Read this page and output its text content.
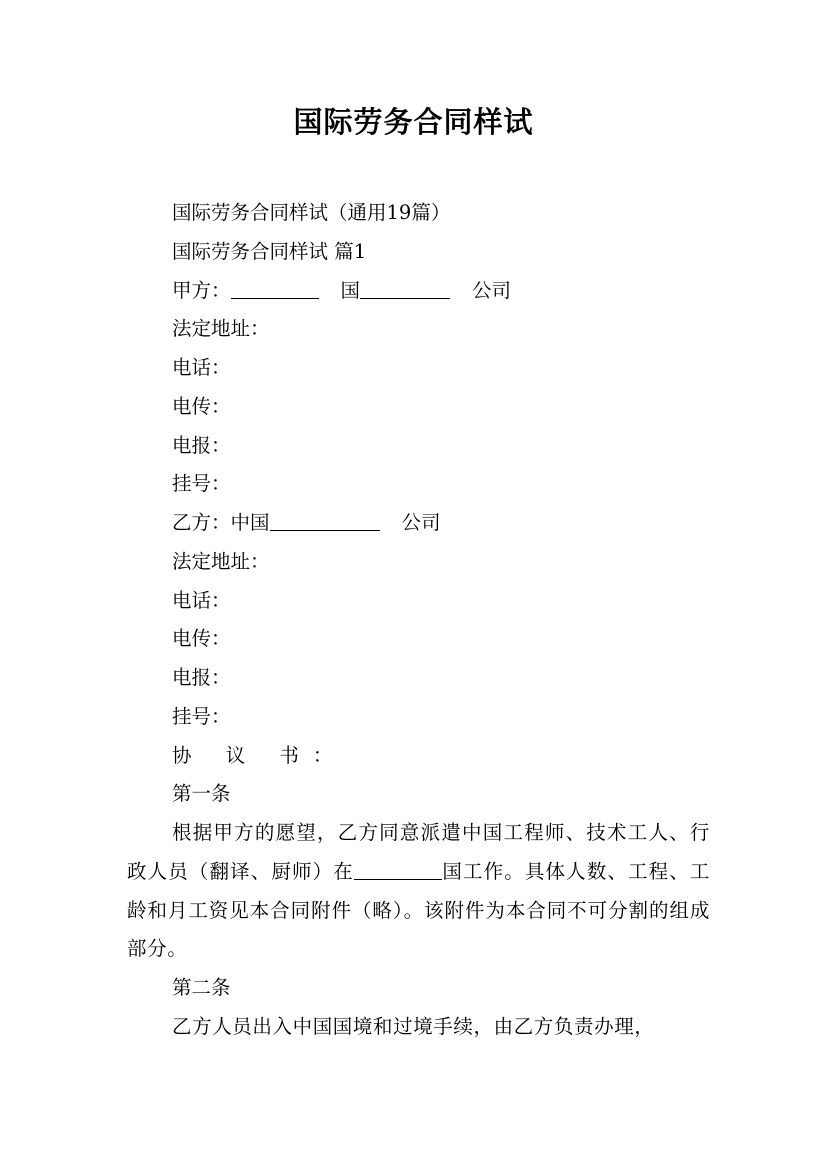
国际劳务合同样试
国际劳务合同样试（通用19篇）
国际劳务合同样试 篇1
甲方：	国	公司
法定地址：
电话：
电传：
电报：
挂号：
乙方：中国	公司
法定地址：
电话：
电传：
电报：
挂号：
协 议 书：
第一条
根据甲方的愿望，乙方同意派遣中国工程师、技术工人、行政人员（翻译、厨师）在	国工作。具体人数、工程、工龄和月工资见本合同附件（略）。该附件为本合同不可分割的组成部分。
第二条
乙方人员出入中国国境和过境手续，由乙方负责办理，
